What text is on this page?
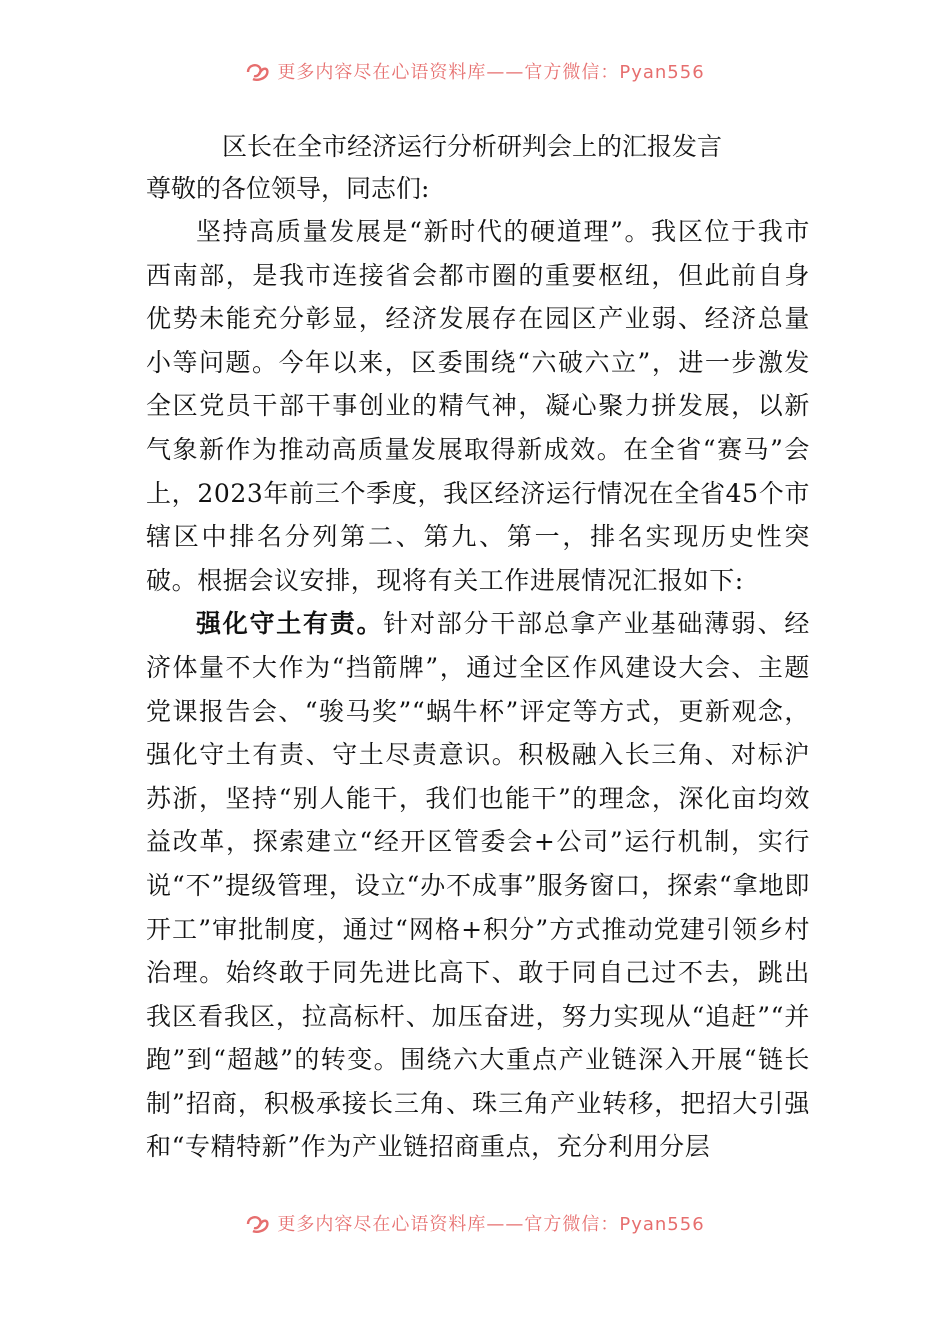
更多内容尽在心语资料库——官方微信：Pyan556
区长在全市经济运行分析研判会上的汇报发言

尊敬的各位领导，同志们:

坚持高质量发展是“新时代的硬道理”。我区位于我市西南部，是我市连接省会都市圈的重要枢纽，但此前自身优势未能充分彰显，经济发展存在园区产业弱、经济总量小等问题。今年以来，区委围绕“六破六立”，进一步激发全区党员干部干事创业的精气神，凝心聚力拼发展，以新气象新作为推动高质量发展取得新成效。在全省“赛马”会上，2023年前三个季度，我区经济运行情况在全省45个市辖区中排名分列第二、第九、第一，排名实现历史性突破。根据会议安排，现将有关工作进展情况汇报如下:

强化守土有责。针对部分干部总拿产业基础薄弱、经济体量不大作为“挡箭牌”，通过全区作风建设大会、主题党课报告会、“骏马奖”“蜗牛杯”评定等方式，更新观念，强化守土有责、守土尽责意识。积极融入长三角、对标沪苏浙，坚持“别人能干，我们也能干”的理念，深化亩均效益改革，探索建立“经开区管委会+公司”运行机制，实行说“不”提级管理，设立“办不成事”服务窗口，探索“拿地即开工”审批制度，通过“网格+积分”方式推动党建引领乡村治理。始终敢于同先进比高下、敢于同自己过不去，跳出我区看我区，拉高标杆、加压奋进，努力实现从“追赶”“并跑”到“超越”的转变。围绕六大重点产业链深入开展“链长制”招商，积极承接长三角、珠三角产业转移，把招大引强和“专精特新”作为产业链招商重点，充分利用分层

更多内容尽在心语资料库——官方微信：Pyan556
